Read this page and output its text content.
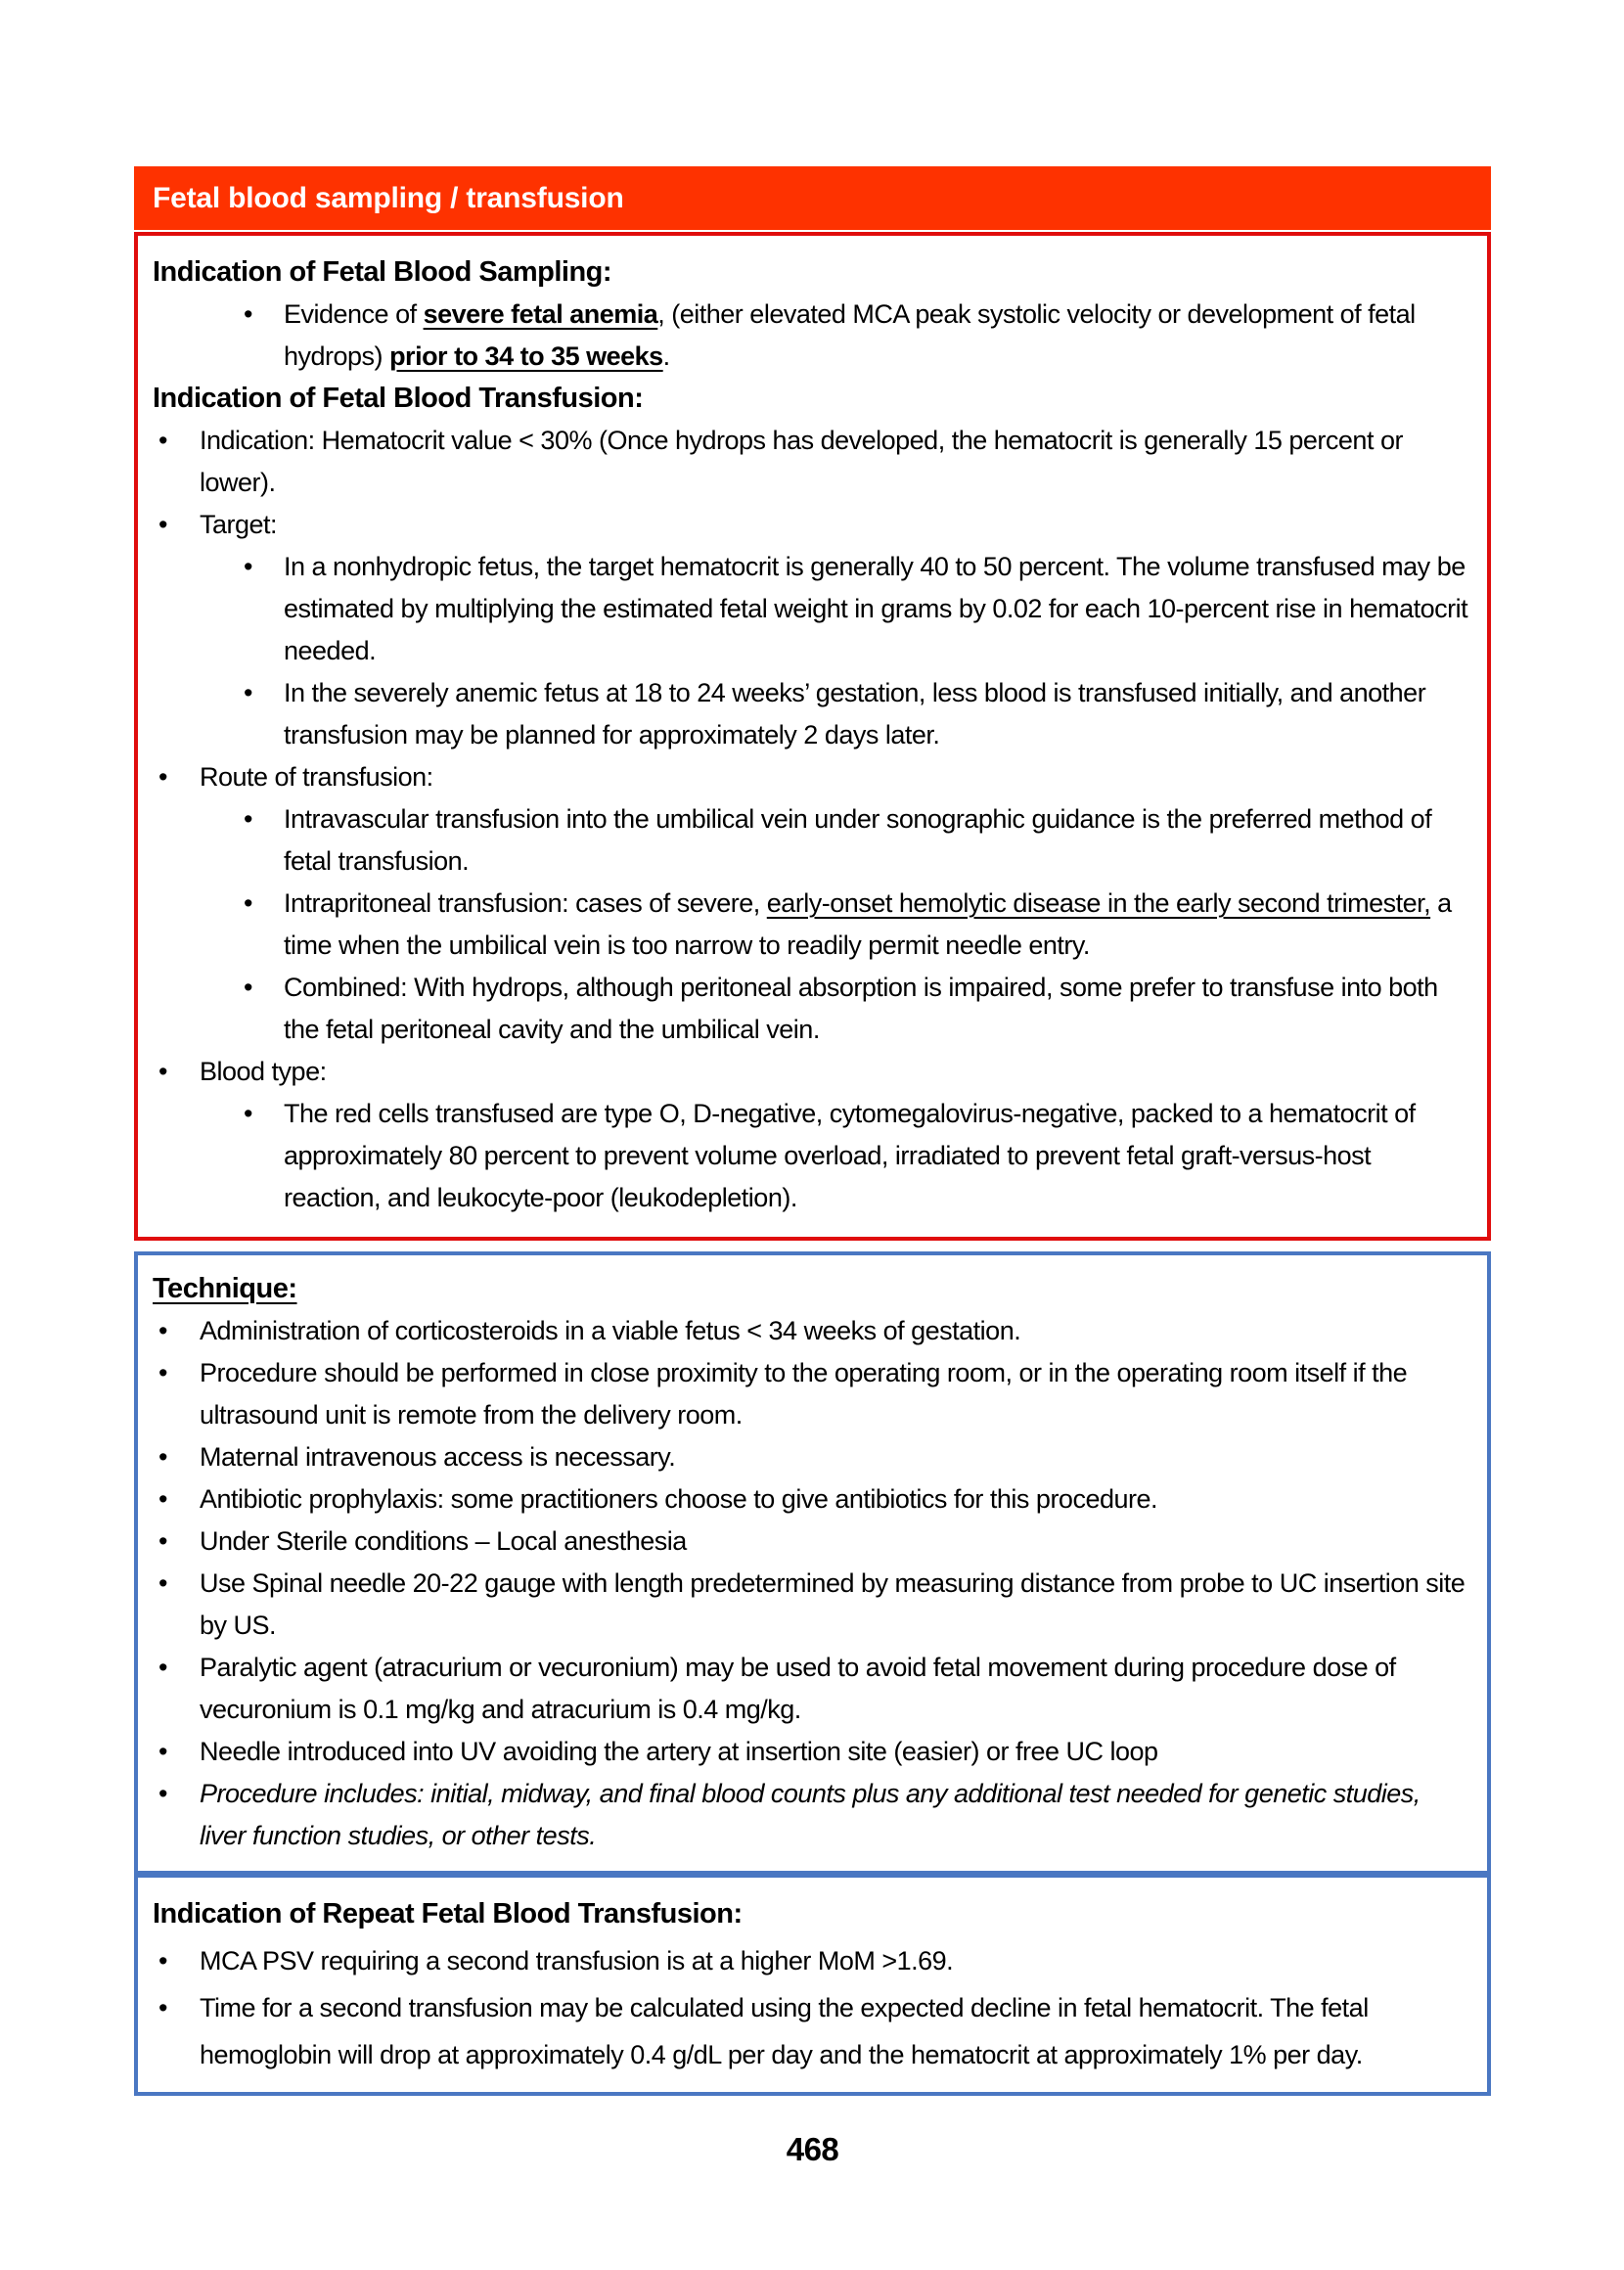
Fetal blood sampling / transfusion
Indication of Fetal Blood Sampling:
•	Evidence of severe fetal anemia, (either elevated MCA peak systolic velocity or development of fetal hydrops) prior to 34 to 35 weeks.
Indication of Fetal Blood Transfusion:
•	Indication: Hematocrit value < 30% (Once hydrops has developed, the hematocrit is generally 15 percent or lower).
•	Target:
•	In a nonhydropic fetus, the target hematocrit is generally 40 to 50 percent. The volume transfused may be estimated by multiplying the estimated fetal weight in grams by 0.02 for each 10-percent rise in hematocrit needed.
•	In the severely anemic fetus at 18 to 24 weeks’ gestation, less blood is transfused initially, and another transfusion may be planned for approximately 2 days later.
•	Route of transfusion:
•	Intravascular transfusion into the umbilical vein under sonographic guidance is the preferred method of fetal transfusion.
•	Intrapritoneal transfusion: cases of severe, early-onset hemolytic disease in the early second trimester, a time when the umbilical vein is too narrow to readily permit needle entry.
•	Combined: With hydrops, although peritoneal absorption is impaired, some prefer to transfuse into both the fetal peritoneal cavity and the umbilical vein.
•	Blood type:
•	The red cells transfused are type O, D-negative, cytomegalovirus-negative, packed to a hematocrit of approximately 80 percent to prevent volume overload, irradiated to prevent fetal graft-versus-host reaction, and leukocyte-poor (leukodepletion).
Technique:
•	Administration of corticosteroids in a viable fetus < 34 weeks of gestation.
•	Procedure should be performed in close proximity to the operating room, or in the operating room itself if the ultrasound unit is remote from the delivery room.
•	Maternal intravenous access is necessary.
•	Antibiotic prophylaxis: some practitioners choose to give antibiotics for this procedure.
•	Under Sterile conditions – Local anesthesia
•	Use Spinal needle 20-22 gauge with length predetermined by measuring distance from probe to UC insertion site by US.
•	Paralytic agent (atracurium or vecuronium) may be used to avoid fetal movement during procedure dose of vecuronium is 0.1 mg/kg and atracurium is 0.4 mg/kg.
•	Needle introduced into UV avoiding the artery at insertion site (easier) or free UC loop
•	Procedure includes: initial, midway, and final blood counts plus any additional test needed for genetic studies, liver function studies, or other tests.
Indication of Repeat Fetal Blood Transfusion:
•	MCA PSV requiring a second transfusion is at a higher MoM >1.69.
•	Time for a second transfusion may be calculated using the expected decline in fetal hematocrit. The fetal hemoglobin will drop at approximately 0.4 g/dL per day and the hematocrit at approximately 1% per day.
468
